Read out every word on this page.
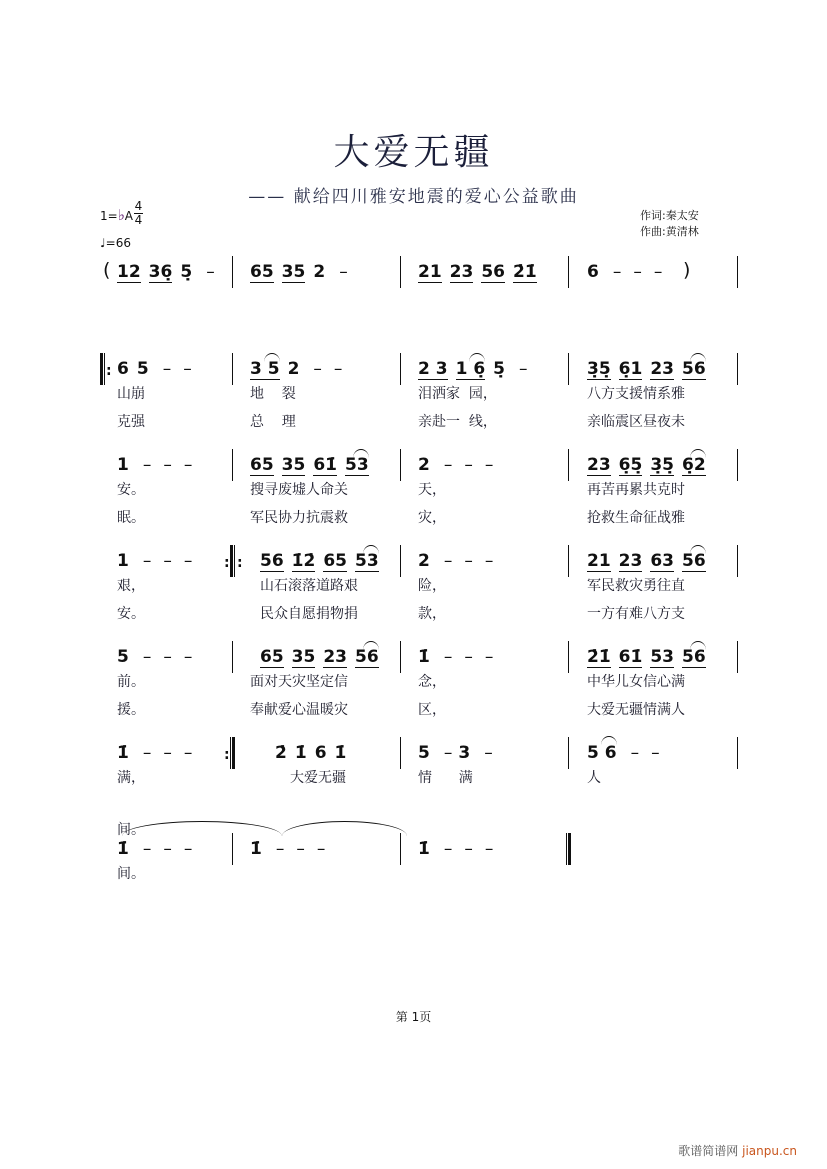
大爱无疆
—— 献给四川雅安地震的爱心公益歌曲
1=♭A
4
4
♩=66
作词:秦太安
作曲:黄清林
12 36̣ 5̣ –	65 35 2 –	21 23 56 2̇1̇	6 – – –
(	)
6 5 – –
山崩
克强
3 5 2 – –
地    裂
总    理
2 3 1 6̣ 5̣ –
泪洒家  园，
亲赴一  线，
3̣5̣ 6̣1 23 56
八方支援情系雅
亲临震区昼夜未
:
1 – – –
安。
眠。
65 35 61̇ 53
搜寻废墟人命关
军民协力抗震救
2 – – –
天，
灾，
23 6̣5̣ 3̣5̣ 6̣2
再苦再累共克时
抢救生命征战雅
1 – – –
艰，
安。
56 1̇2̇ 65 53
山石滚落道路艰
民众自愿捐物捐
2 – – –
险，
款，
21 23 63 56
军民救灾勇往直
一方有难八方支
: :
5 – – –
前。
援。
65 35 23 56
面对天灾坚定信
奉献爱心温暖灾
1̇ – – –
念，
区，
2̇1̇ 61̇ 53 56
中华儿女信心满
大爱无疆情满人
1̇ – – –
满，
间。
2̇ 1̇ 6 1̇
大爱无疆
5 – 3 –
情      满
5 6 – –
人
:
1̇ – – –
间。
1̇ – – –	1̇ – – –
第 1页
歌谱简谱网 jianpu.cn
